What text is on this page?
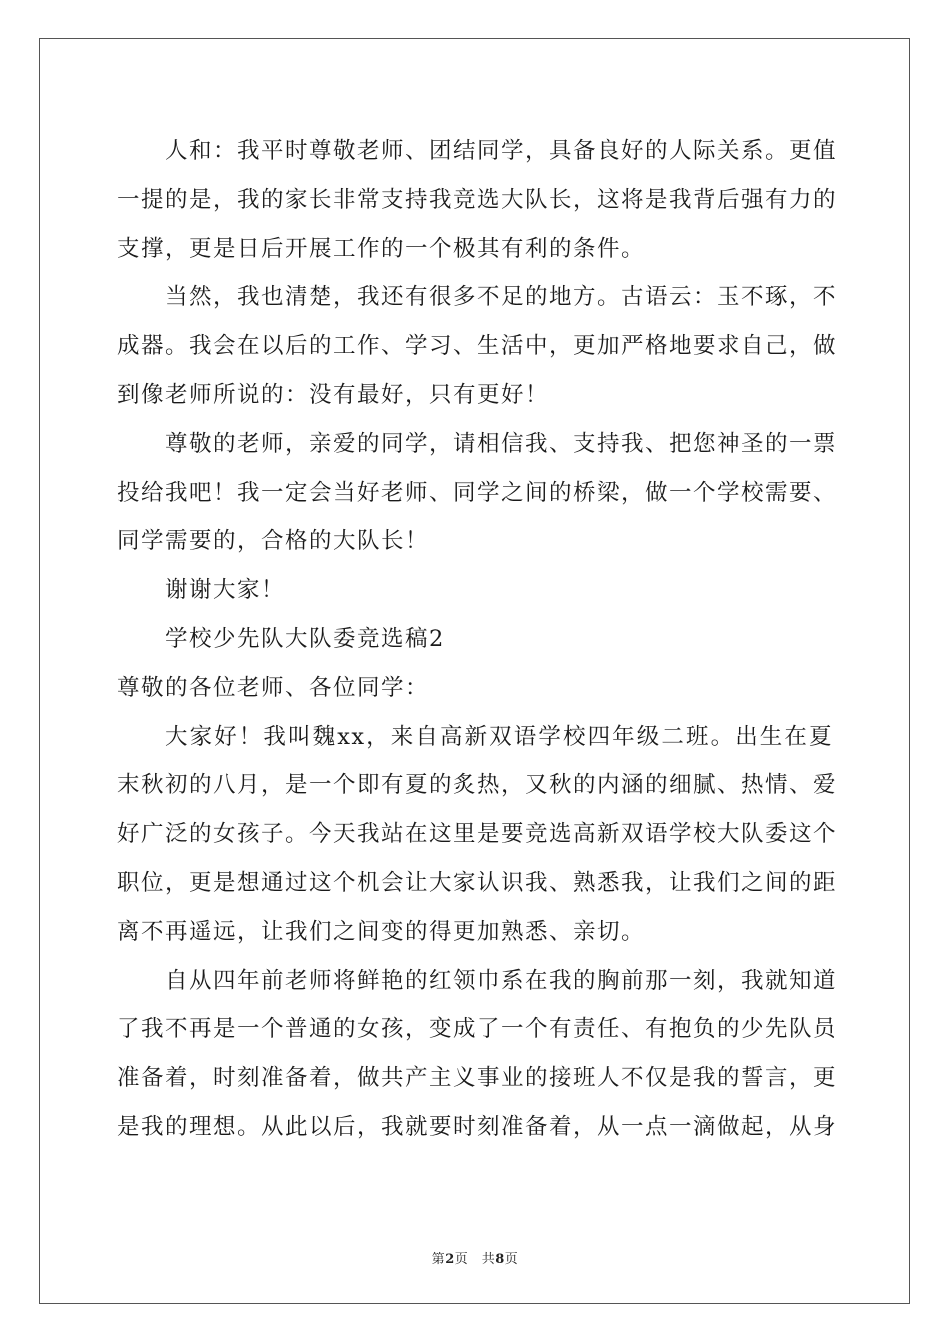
人和：我平时尊敬老师、团结同学，具备良好的人际关系。更值
一提的是，我的家长非常支持我竞选大队长，这将是我背后强有力的
支撑，更是日后开展工作的一个极其有利的条件。

当然，我也清楚，我还有很多不足的地方。古语云：玉不琢，不
成器。我会在以后的工作、学习、生活中，更加严格地要求自己，做
到像老师所说的：没有最好，只有更好！

尊敬的老师，亲爱的同学，请相信我、支持我、把您神圣的一票
投给我吧！我一定会当好老师、同学之间的桥梁，做一个学校需要、
同学需要的，合格的大队长！

谢谢大家！

学校少先队大队委竞选稿2

尊敬的各位老师、各位同学：

大家好！我叫魏xx，来自高新双语学校四年级二班。出生在夏
末秋初的八月，是一个即有夏的炙热，又秋的内涵的细腻、热情、爱
好广泛的女孩子。今天我站在这里是要竞选高新双语学校大队委这个
职位，更是想通过这个机会让大家认识我、熟悉我，让我们之间的距
离不再遥远，让我们之间变的得更加熟悉、亲切。

自从四年前老师将鲜艳的红领巾系在我的胸前那一刻，我就知道
了我不再是一个普通的女孩，变成了一个有责任、有抱负的少先队员
准备着，时刻准备着，做共产主义事业的接班人不仅是我的誓言，更
是我的理想。从此以后，我就要时刻准备着，从一点一滴做起，从身

第2页　共8页
